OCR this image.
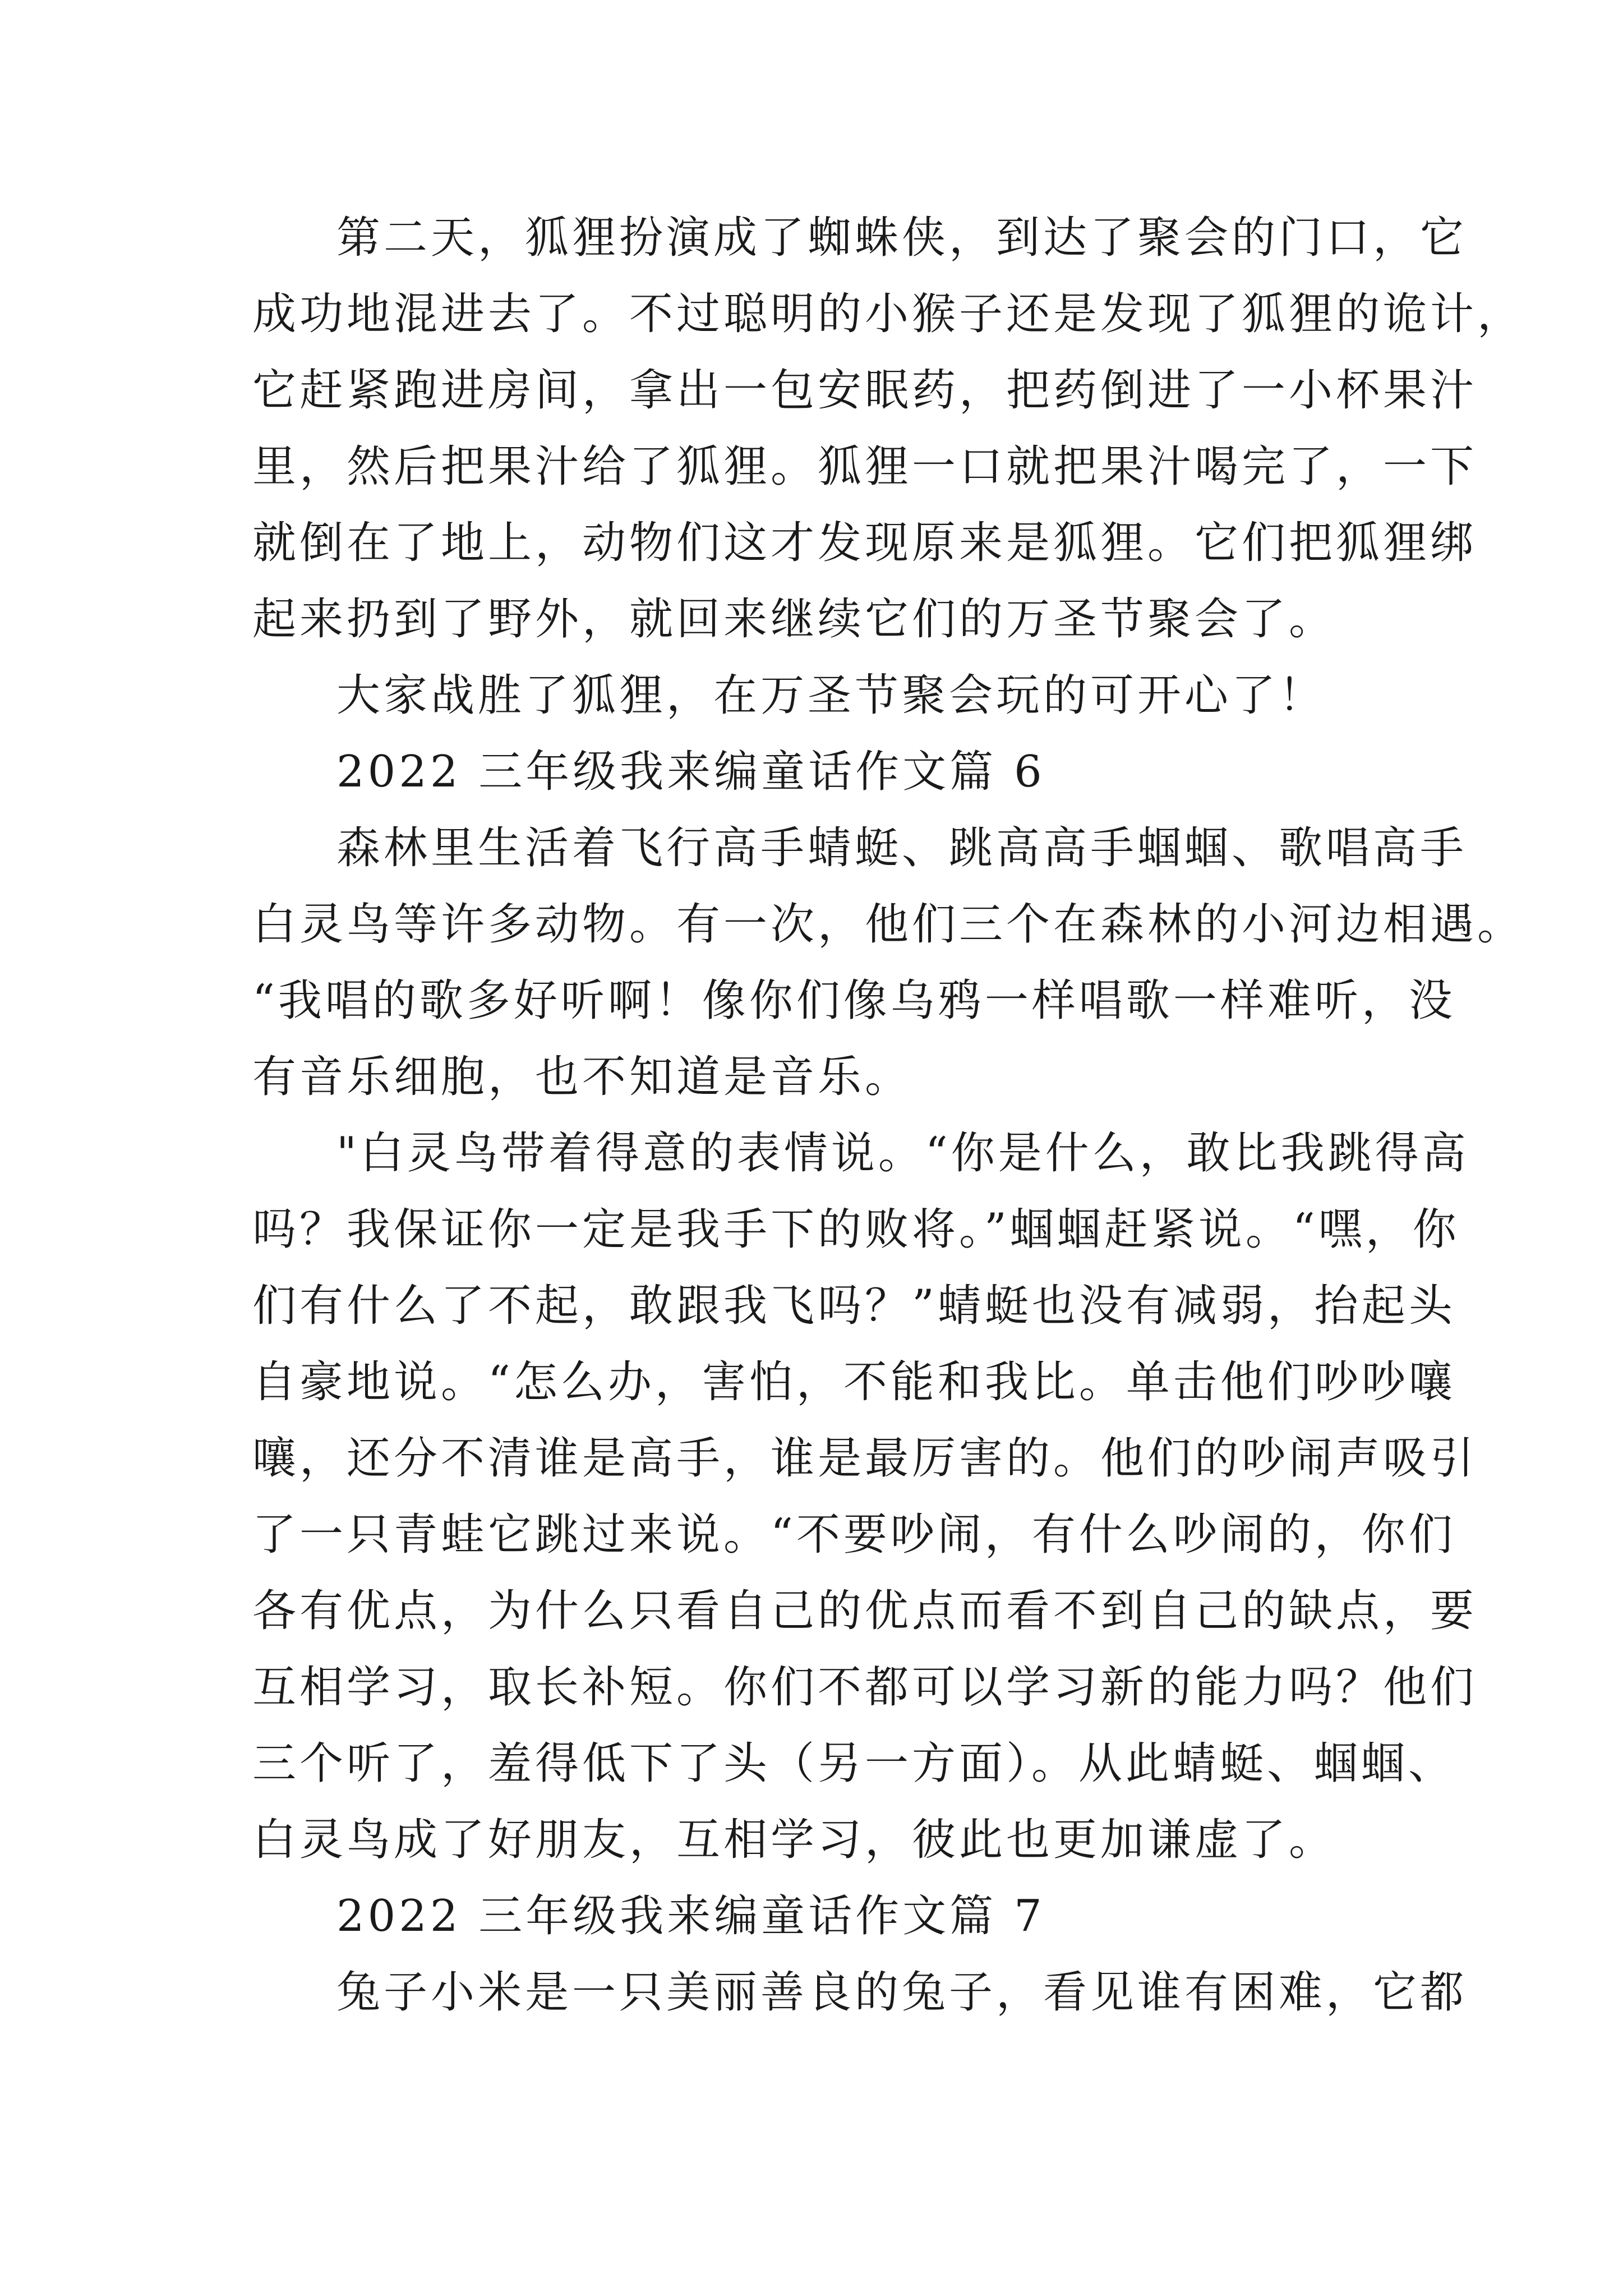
第二天，狐狸扮演成了蜘蛛侠，到达了聚会的门口，它
成功地混进去了。不过聪明的小猴子还是发现了狐狸的诡计，
它赶紧跑进房间，拿出一包安眠药，把药倒进了一小杯果汁
里，然后把果汁给了狐狸。狐狸一口就把果汁喝完了，一下
就倒在了地上，动物们这才发现原来是狐狸。它们把狐狸绑
起来扔到了野外，就回来继续它们的万圣节聚会了。
大家战胜了狐狸，在万圣节聚会玩的可开心了！
2022 三年级我来编童话作文篇 6
森林里生活着飞行高手蜻蜓、跳高高手蝈蝈、歌唱高手
白灵鸟等许多动物。有一次，他们三个在森林的小河边相遇。
“我唱的歌多好听啊！像你们像乌鸦一样唱歌一样难听，没
有音乐细胞，也不知道是音乐。
"白灵鸟带着得意的表情说。“你是什么，敢比我跳得高
吗？我保证你一定是我手下的败将。”蝈蝈赶紧说。“嘿，你
们有什么了不起，敢跟我飞吗？”蜻蜓也没有减弱，抬起头
自豪地说。“怎么办，害怕，不能和我比。单击他们吵吵嚷
嚷，还分不清谁是高手，谁是最厉害的。他们的吵闹声吸引
了一只青蛙它跳过来说。“不要吵闹，有什么吵闹的，你们
各有优点，为什么只看自己的优点而看不到自己的缺点，要
互相学习，取长补短。你们不都可以学习新的能力吗？他们
三个听了，羞得低下了头（另一方面）。从此蜻蜓、蝈蝈、
白灵鸟成了好朋友，互相学习，彼此也更加谦虚了。
2022 三年级我来编童话作文篇 7
兔子小米是一只美丽善良的兔子，看见谁有困难，它都
